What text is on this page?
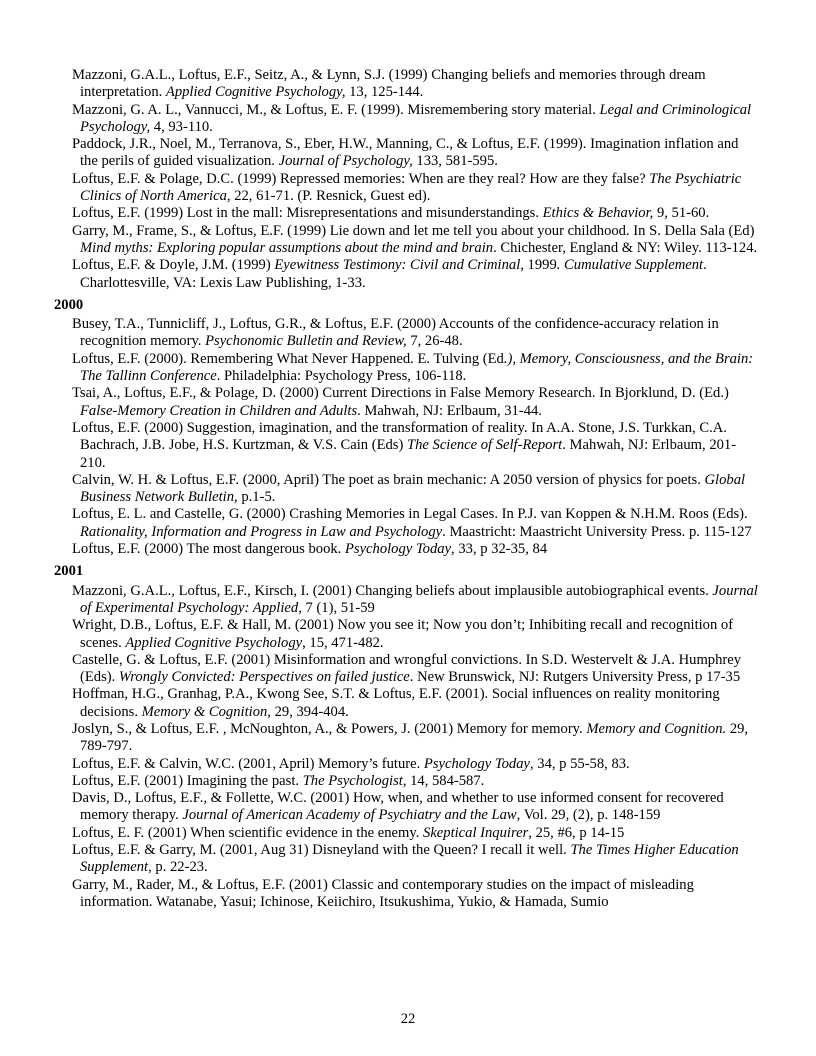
Mazzoni, G.A.L., Loftus, E.F., Seitz, A., & Lynn, S.J. (1999) Changing beliefs and memories through dream interpretation. Applied Cognitive Psychology, 13, 125-144.

Mazzoni, G. A. L., Vannucci, M., & Loftus, E. F. (1999). Misremembering story material. Legal and Criminological Psychology, 4, 93-110.

Paddock, J.R., Noel, M., Terranova, S., Eber, H.W., Manning, C., & Loftus, E.F. (1999). Imagination inflation and the perils of guided visualization. Journal of Psychology, 133, 581-595.

Loftus, E.F. & Polage, D.C. (1999) Repressed memories: When are they real? How are they false? The Psychiatric Clinics of North America, 22, 61-71. (P. Resnick, Guest ed).

Loftus, E.F. (1999) Lost in the mall: Misrepresentations and misunderstandings. Ethics & Behavior, 9, 51-60.

Garry, M., Frame, S., & Loftus, E.F. (1999) Lie down and let me tell you about your childhood. In S. Della Sala (Ed) Mind myths: Exploring popular assumptions about the mind and brain. Chichester, England & NY: Wiley. 113-124.

Loftus, E.F. & Doyle, J.M. (1999) Eyewitness Testimony: Civil and Criminal, 1999. Cumulative Supplement. Charlottesville, VA: Lexis Law Publishing, 1-33.

2000

Busey, T.A., Tunnicliff, J., Loftus, G.R., & Loftus, E.F. (2000) Accounts of the confidence-accuracy relation in recognition memory. Psychonomic Bulletin and Review, 7, 26-48.

Loftus, E.F. (2000). Remembering What Never Happened. E. Tulving (Ed.), Memory, Consciousness, and the Brain: The Tallinn Conference. Philadelphia: Psychology Press, 106-118.

Tsai, A., Loftus, E.F., & Polage, D. (2000) Current Directions in False Memory Research. In Bjorklund, D. (Ed.) False-Memory Creation in Children and Adults. Mahwah, NJ: Erlbaum, 31-44.

Loftus, E.F. (2000) Suggestion, imagination, and the transformation of reality. In A.A. Stone, J.S. Turkkan, C.A. Bachrach, J.B. Jobe, H.S. Kurtzman, & V.S. Cain (Eds) The Science of Self-Report. Mahwah, NJ: Erlbaum, 201-210.

Calvin, W. H. & Loftus, E.F. (2000, April) The poet as brain mechanic: A 2050 version of physics for poets. Global Business Network Bulletin, p.1-5.

Loftus, E. L. and Castelle, G. (2000) Crashing Memories in Legal Cases. In P.J. van Koppen & N.H.M. Roos (Eds). Rationality, Information and Progress in Law and Psychology. Maastricht: Maastricht University Press. p. 115-127

Loftus, E.F. (2000) The most dangerous book. Psychology Today, 33, p 32-35, 84

2001

Mazzoni, G.A.L., Loftus, E.F., Kirsch, I. (2001) Changing beliefs about implausible autobiographical events. Journal of Experimental Psychology: Applied, 7 (1), 51-59

Wright, D.B., Loftus, E.F. & Hall, M. (2001) Now you see it; Now you don’t; Inhibiting recall and recognition of scenes. Applied Cognitive Psychology, 15, 471-482.

Castelle, G. & Loftus, E.F. (2001) Misinformation and wrongful convictions. In S.D. Westervelt & J.A. Humphrey (Eds). Wrongly Convicted: Perspectives on failed justice. New Brunswick, NJ: Rutgers University Press, p 17-35

Hoffman, H.G., Granhag, P.A., Kwong See, S.T. & Loftus, E.F. (2001). Social influences on reality monitoring decisions. Memory & Cognition, 29, 394-404.

Joslyn, S., & Loftus, E.F. , McNoughton, A., & Powers, J. (2001) Memory for memory. Memory and Cognition. 29, 789-797.

Loftus, E.F. & Calvin, W.C. (2001, April) Memory’s future. Psychology Today, 34, p 55-58, 83.

Loftus, E.F. (2001) Imagining the past. The Psychologist, 14, 584-587.

Davis, D., Loftus, E.F., & Follette, W.C. (2001) How, when, and whether to use informed consent for recovered memory therapy. Journal of American Academy of Psychiatry and the Law, Vol. 29, (2), p. 148-159

Loftus, E. F. (2001) When scientific evidence in the enemy. Skeptical Inquirer, 25, #6, p 14-15

Loftus, E.F. & Garry, M. (2001, Aug 31) Disneyland with the Queen? I recall it well. The Times Higher Education Supplement, p. 22-23.

Garry, M., Rader, M., & Loftus, E.F. (2001) Classic and contemporary studies on the impact of misleading information. Watanabe, Yasui; Ichinose, Keiichiro, Itsukushima, Yukio, & Hamada, Sumio

22
